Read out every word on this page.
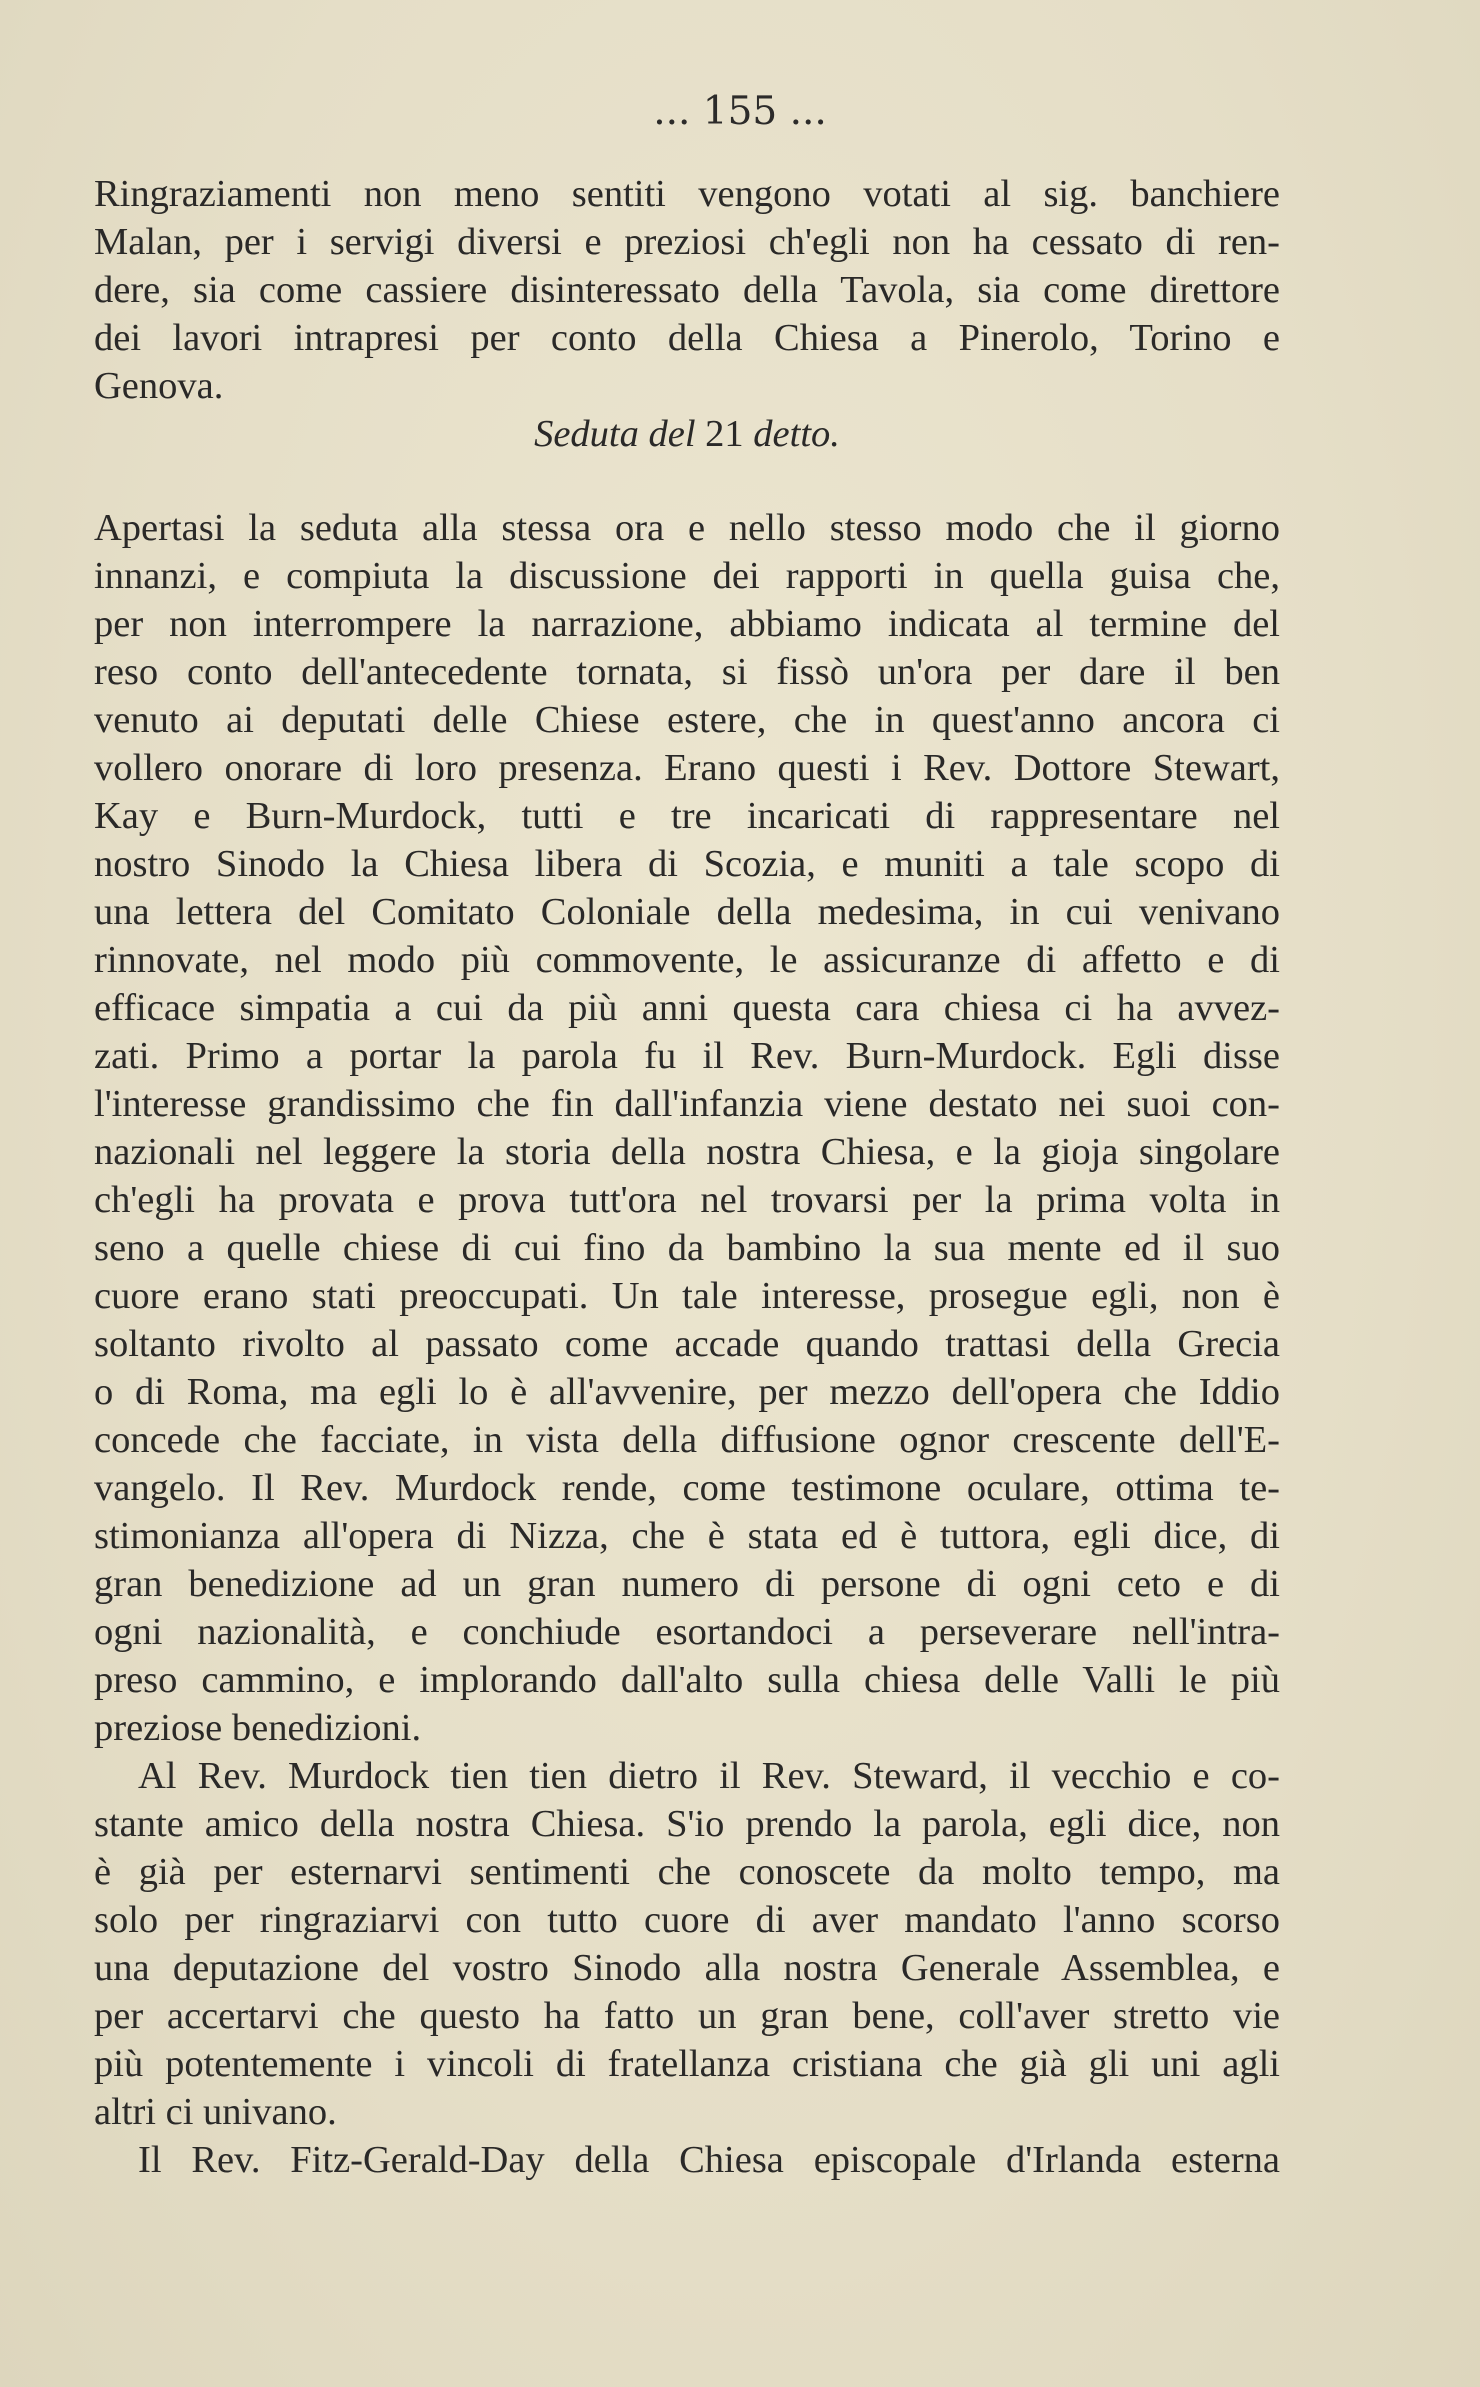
... 155 ...
Ringraziamenti non meno sentiti vengono votati al sig. banchiere
Malan, per i servigi diversi e preziosi ch'egli non ha cessato di ren-
dere, sia come cassiere disinteressato della Tavola, sia come direttore
dei lavori intrapresi per conto della Chiesa a Pinerolo, Torino e
Genova.
Seduta del 21 detto.
Apertasi la seduta alla stessa ora e nello stesso modo che il giorno
innanzi, e compiuta la discussione dei rapporti in quella guisa che,
per non interrompere la narrazione, abbiamo indicata al termine del
reso conto dell'antecedente tornata, si fissò un'ora per dare il ben
venuto ai deputati delle Chiese estere, che in quest'anno ancora ci
vollero onorare di loro presenza. Erano questi i Rev. Dottore Stewart,
Kay e Burn-Murdock, tutti e tre incaricati di rappresentare nel
nostro Sinodo la Chiesa libera di Scozia, e muniti a tale scopo di
una lettera del Comitato Coloniale della medesima, in cui venivano
rinnovate, nel modo più commovente, le assicuranze di affetto e di
efficace simpatia a cui da più anni questa cara chiesa ci ha avvez-
zati. Primo a portar la parola fu il Rev. Burn-Murdock. Egli disse
l'interesse grandissimo che fin dall'infanzia viene destato nei suoi con-
nazionali nel leggere la storia della nostra Chiesa, e la gioja singolare
ch'egli ha provata e prova tutt'ora nel trovarsi per la prima volta in
seno a quelle chiese di cui fino da bambino la sua mente ed il suo
cuore erano stati preoccupati. Un tale interesse, prosegue egli, non è
soltanto rivolto al passato come accade quando trattasi della Grecia
o di Roma, ma egli lo è all'avvenire, per mezzo dell'opera che Iddio
concede che facciate, in vista della diffusione ognor crescente dell'E-
vangelo. Il Rev. Murdock rende, come testimone oculare, ottima te-
stimonianza all'opera di Nizza, che è stata ed è tuttora, egli dice, di
gran benedizione ad un gran numero di persone di ogni ceto e di
ogni nazionalità, e conchiude esortandoci a perseverare nell'intra-
preso cammino, e implorando dall'alto sulla chiesa delle Valli le più
preziose benedizioni.
Al Rev. Murdock tien tien dietro il Rev. Steward, il vecchio e co-
stante amico della nostra Chiesa. S'io prendo la parola, egli dice, non
è già per esternarvi sentimenti che conoscete da molto tempo, ma
solo per ringraziarvi con tutto cuore di aver mandato l'anno scorso
una deputazione del vostro Sinodo alla nostra Generale Assemblea, e
per accertarvi che questo ha fatto un gran bene, coll'aver stretto vie
più potentemente i vincoli di fratellanza cristiana che già gli uni agli
altri ci univano.
Il Rev. Fitz-Gerald-Day della Chiesa episcopale d'Irlanda esterna
